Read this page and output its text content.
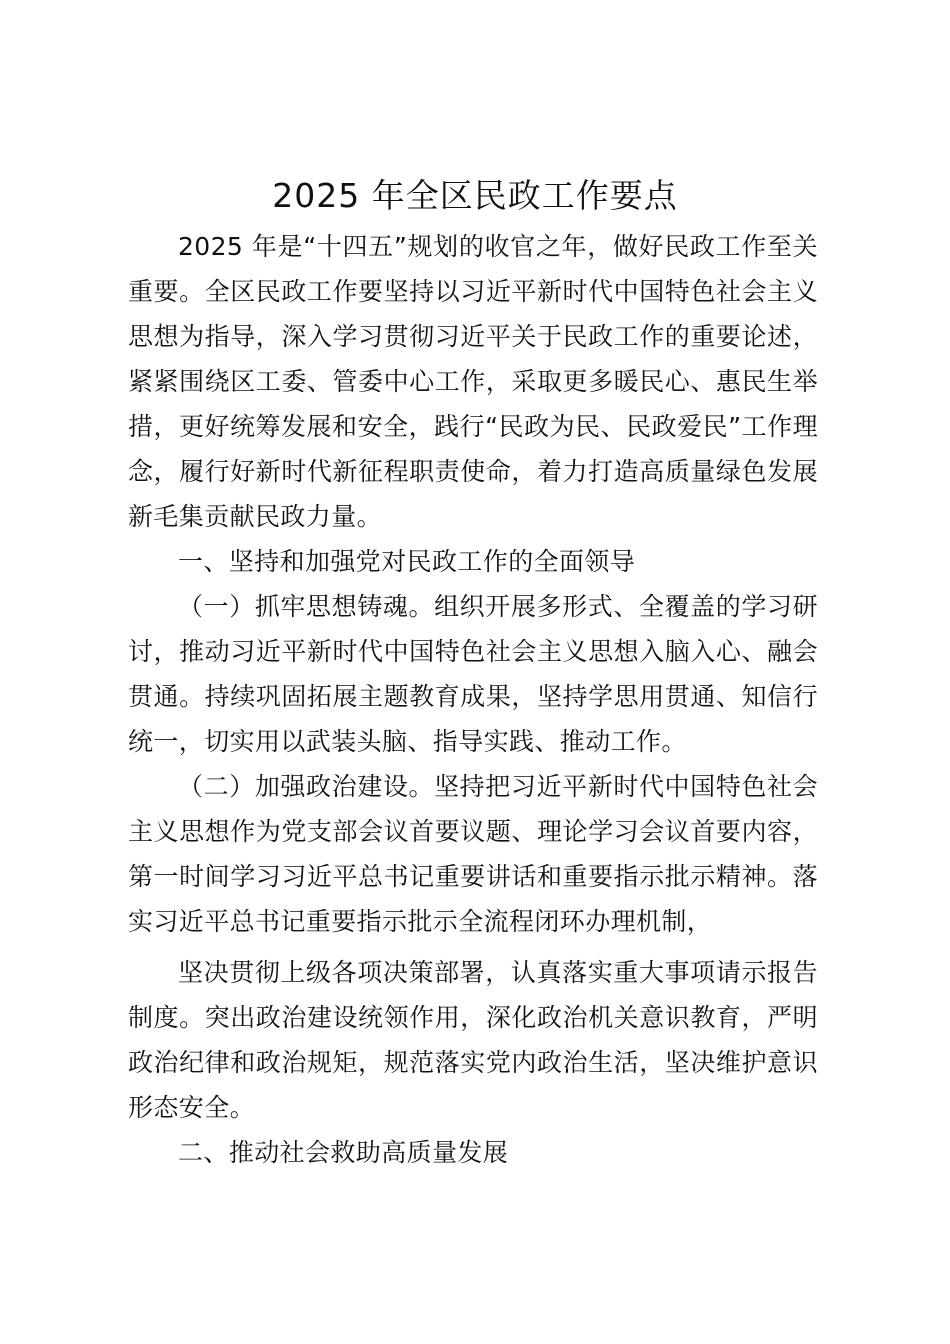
2025 年全区民政工作要点

2025 年是“十四五”规划的收官之年，做好民政工作至关重要。全区民政工作要坚持以习近平新时代中国特色社会主义思想为指导，深入学习贯彻习近平关于民政工作的重要论述，紧紧围绕区工委、管委中心工作，采取更多暖民心、惠民生举措，更好统筹发展和安全，践行“民政为民、民政爱民”工作理念，履行好新时代新征程职责使命，着力打造高质量绿色发展新毛集贡献民政力量。

一、坚持和加强党对民政工作的全面领导

（一）抓牢思想铸魂。组织开展多形式、全覆盖的学习研讨，推动习近平新时代中国特色社会主义思想入脑入心、融会贯通。持续巩固拓展主题教育成果，坚持学思用贯通、知信行统一，切实用以武装头脑、指导实践、推动工作。

（二）加强政治建设。坚持把习近平新时代中国特色社会主义思想作为党支部会议首要议题、理论学习会议首要内容，第一时间学习习近平总书记重要讲话和重要指示批示精神。落实习近平总书记重要指示批示全流程闭环办理机制，

坚决贯彻上级各项决策部署，认真落实重大事项请示报告制度。突出政治建设统领作用，深化政治机关意识教育，严明政治纪律和政治规矩，规范落实党内政治生活，坚决维护意识形态安全。

二、推动社会救助高质量发展
